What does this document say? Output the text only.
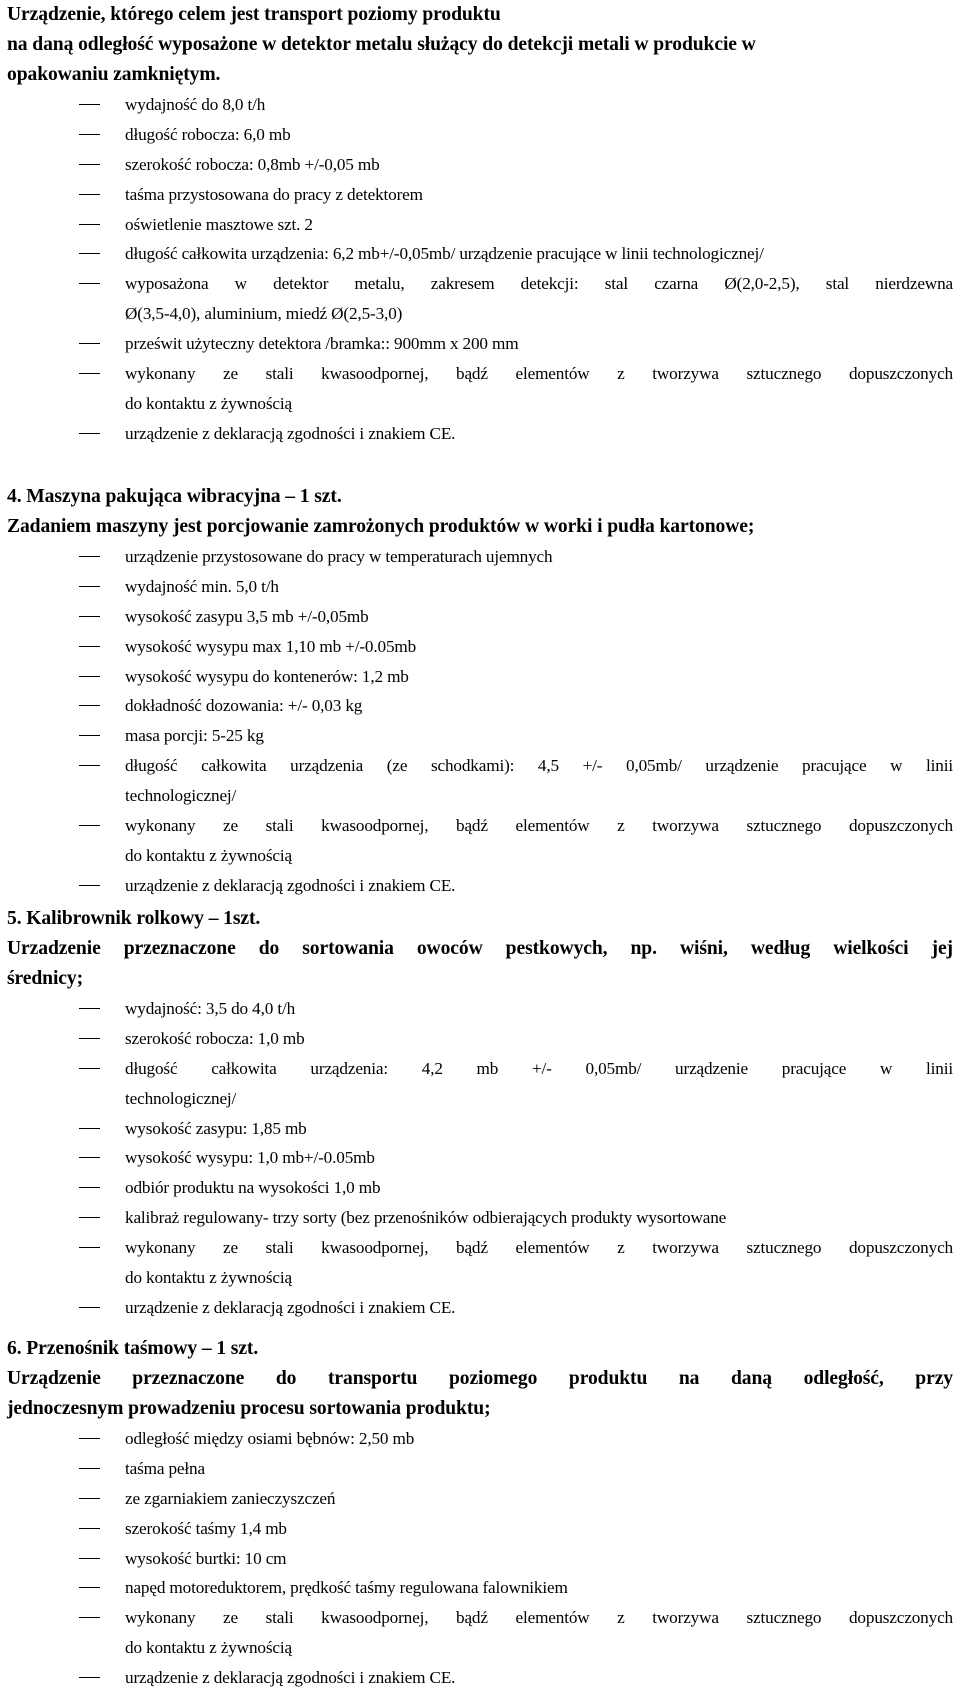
Urządzenie, którego celem jest transport poziomy produktu
na daną odległość wyposażone w detektor metalu służący do detekcji metali w produkcie w
opakowaniu zamkniętym.
wydajność do 8,0 t/h
długość robocza: 6,0 mb
szerokość robocza: 0,8mb +/-0,05 mb
taśma przystosowana do pracy z detektorem
oświetlenie masztowe szt. 2
długość całkowita urządzenia: 6,2 mb+/-0,05mb/ urządzenie pracujące w linii technologicznej/
wyposażona w detektor metalu, zakresem detekcji: stal czarna Ø(2,0-2,5), stal nierdzewna
Ø(3,5-4,0), aluminium, miedź Ø(2,5-3,0)
prześwit użyteczny detektora /bramka:: 900mm x 200 mm
wykonany ze stali kwasoodpornej, bądź elementów z tworzywa sztucznego dopuszczonych
do kontaktu z żywnością
urządzenie z deklaracją zgodności i znakiem CE.
4. Maszyna pakująca wibracyjna – 1 szt.
Zadaniem maszyny jest porcjowanie zamrożonych produktów w worki i pudła kartonowe;
urządzenie przystosowane do pracy w temperaturach ujemnych
wydajność min. 5,0 t/h
wysokość zasypu 3,5 mb +/-0,05mb
wysokość wysypu max 1,10 mb +/-0.05mb
wysokość wysypu do kontenerów: 1,2 mb
dokładność dozowania: +/- 0,03 kg
masa porcji: 5-25 kg
długość całkowita urządzenia (ze schodkami): 4,5 +/- 0,05mb/ urządzenie pracujące w linii
technologicznej/
wykonany ze stali kwasoodpornej, bądź elementów z tworzywa sztucznego dopuszczonych
do kontaktu z żywnością
urządzenie z deklaracją zgodności i znakiem CE.
5. Kalibrownik rolkowy – 1szt.
Urzadzenie przeznaczone do sortowania owoców pestkowych, np. wiśni, według wielkości jej
średnicy;
wydajność: 3,5 do 4,0 t/h
szerokość robocza: 1,0 mb
długość całkowita urządzenia: 4,2 mb +/- 0,05mb/ urządzenie pracujące w linii
technologicznej/
wysokość zasypu: 1,85 mb
wysokość wysypu: 1,0 mb+/-0.05mb
odbiór produktu na wysokości 1,0 mb
kalibraż regulowany- trzy sorty (bez przenośników odbierających produkty wysortowane
wykonany ze stali kwasoodpornej, bądź elementów z tworzywa sztucznego dopuszczonych
do kontaktu z żywnością
urządzenie z deklaracją zgodności i znakiem CE.
6. Przenośnik taśmowy – 1 szt.
Urządzenie przeznaczone do transportu poziomego produktu na daną odległość, przy
jednoczesnym prowadzeniu procesu sortowania produktu;
odległość między osiami bębnów: 2,50 mb
taśma pełna
ze zgarniakiem zanieczyszczeń
szerokość taśmy 1,4 mb
wysokość burtki: 10 cm
napęd motoreduktorem, prędkość taśmy regulowana falownikiem
wykonany ze stali kwasoodpornej, bądź elementów z tworzywa sztucznego dopuszczonych
do kontaktu z żywnością
urządzenie z deklaracją zgodności i znakiem CE.
